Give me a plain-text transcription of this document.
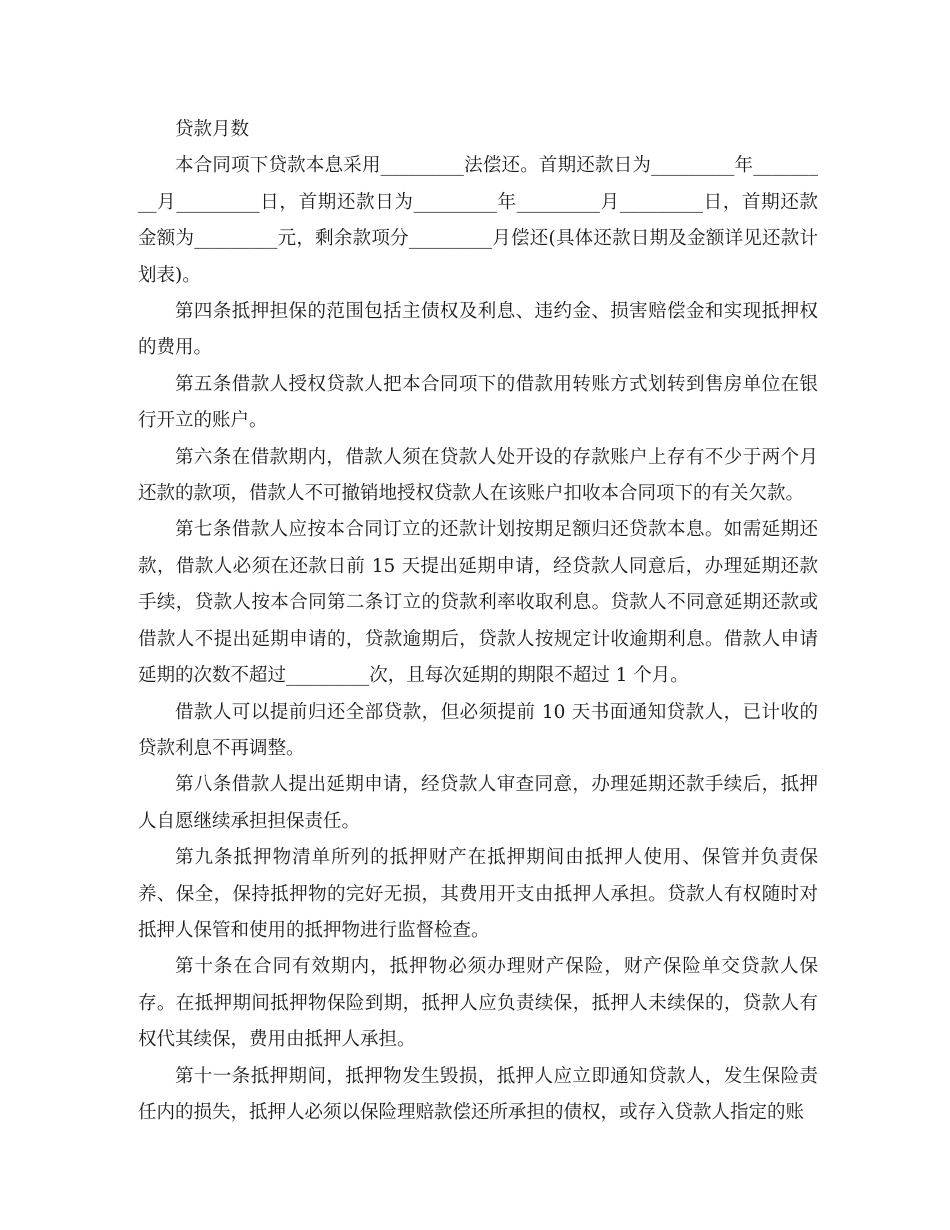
贷款月数

本合同项下贷款本息采用_________法偿还。首期还款日为_________年_________月_________日，首期还款日为_________年_________月_________日，首期还款金额为_________元，剩余款项分_________月偿还(具体还款日期及金额详见还款计划表)。

第四条抵押担保的范围包括主债权及利息、违约金、损害赔偿金和实现抵押权的费用。

第五条借款人授权贷款人把本合同项下的借款用转账方式划转到售房单位在银行开立的账户。

第六条在借款期内，借款人须在贷款人处开设的存款账户上存有不少于两个月还款的款项，借款人不可撤销地授权贷款人在该账户扣收本合同项下的有关欠款。

第七条借款人应按本合同订立的还款计划按期足额归还贷款本息。如需延期还款，借款人必须在还款日前 15 天提出延期申请，经贷款人同意后，办理延期还款手续，贷款人按本合同第二条订立的贷款利率收取利息。贷款人不同意延期还款或借款人不提出延期申请的，贷款逾期后，贷款人按规定计收逾期利息。借款人申请延期的次数不超过_________次，且每次延期的期限不超过 1 个月。

借款人可以提前归还全部贷款，但必须提前 10 天书面通知贷款人，已计收的贷款利息不再调整。

第八条借款人提出延期申请，经贷款人审查同意，办理延期还款手续后，抵押人自愿继续承担担保责任。

第九条抵押物清单所列的抵押财产在抵押期间由抵押人使用、保管并负责保养、保全，保持抵押物的完好无损，其费用开支由抵押人承担。贷款人有权随时对抵押人保管和使用的抵押物进行监督检查。

第十条在合同有效期内，抵押物必须办理财产保险，财产保险单交贷款人保存。在抵押期间抵押物保险到期，抵押人应负责续保，抵押人未续保的，贷款人有权代其续保，费用由抵押人承担。

第十一条抵押期间，抵押物发生毁损，抵押人应立即通知贷款人，发生保险责任内的损失，抵押人必须以保险理赔款偿还所承担的债权，或存入贷款人指定的账
